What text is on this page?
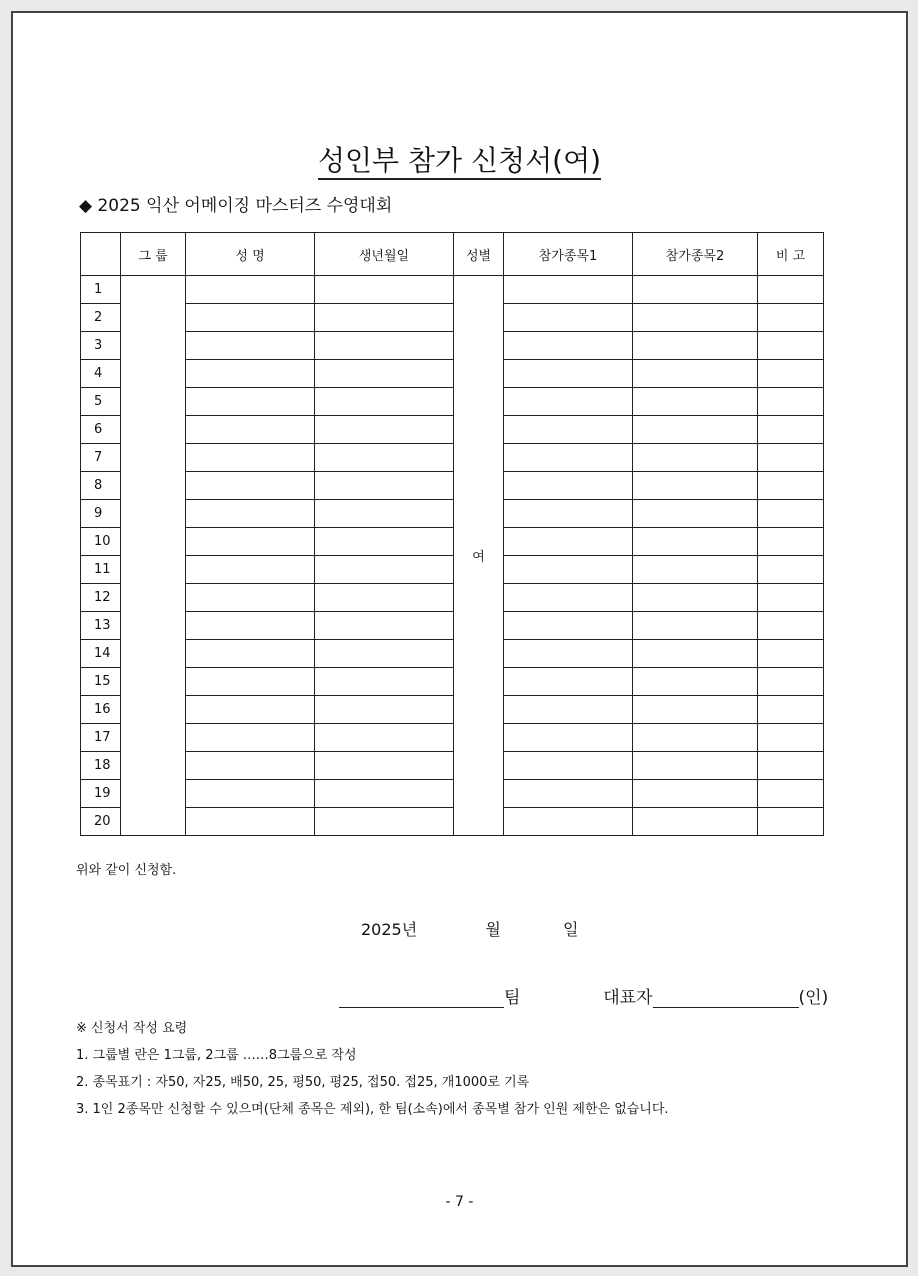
성인부 참가 신청서(여)
◆ 2025 익산 어메이징 마스터즈 수영대회
	그 룹	성 명	생년월일	성별	참가종목1	참가종목2	비 고
1				여			
2							
3							
4							
5							
6							
7							
8							
9							
10							
11							
12							
13							
14							
15							
16							
17							
18							
19							
20							
위와 같이 신청함.
2025년	월	일
팀	대표자	(인)
※ 신청서 작성 요령
1. 그룹별 란은 1그룹, 2그룹 ……8그룹으로 작성
2. 종목표기 : 자50, 자25, 배50, 25, 평50, 평25, 접50. 접25, 개1000로 기록
3. 1인 2종목만 신청할 수 있으며(단체 종목은 제외), 한 팀(소속)에서 종목별 참가 인원 제한은 없습니다.
- 7 -
